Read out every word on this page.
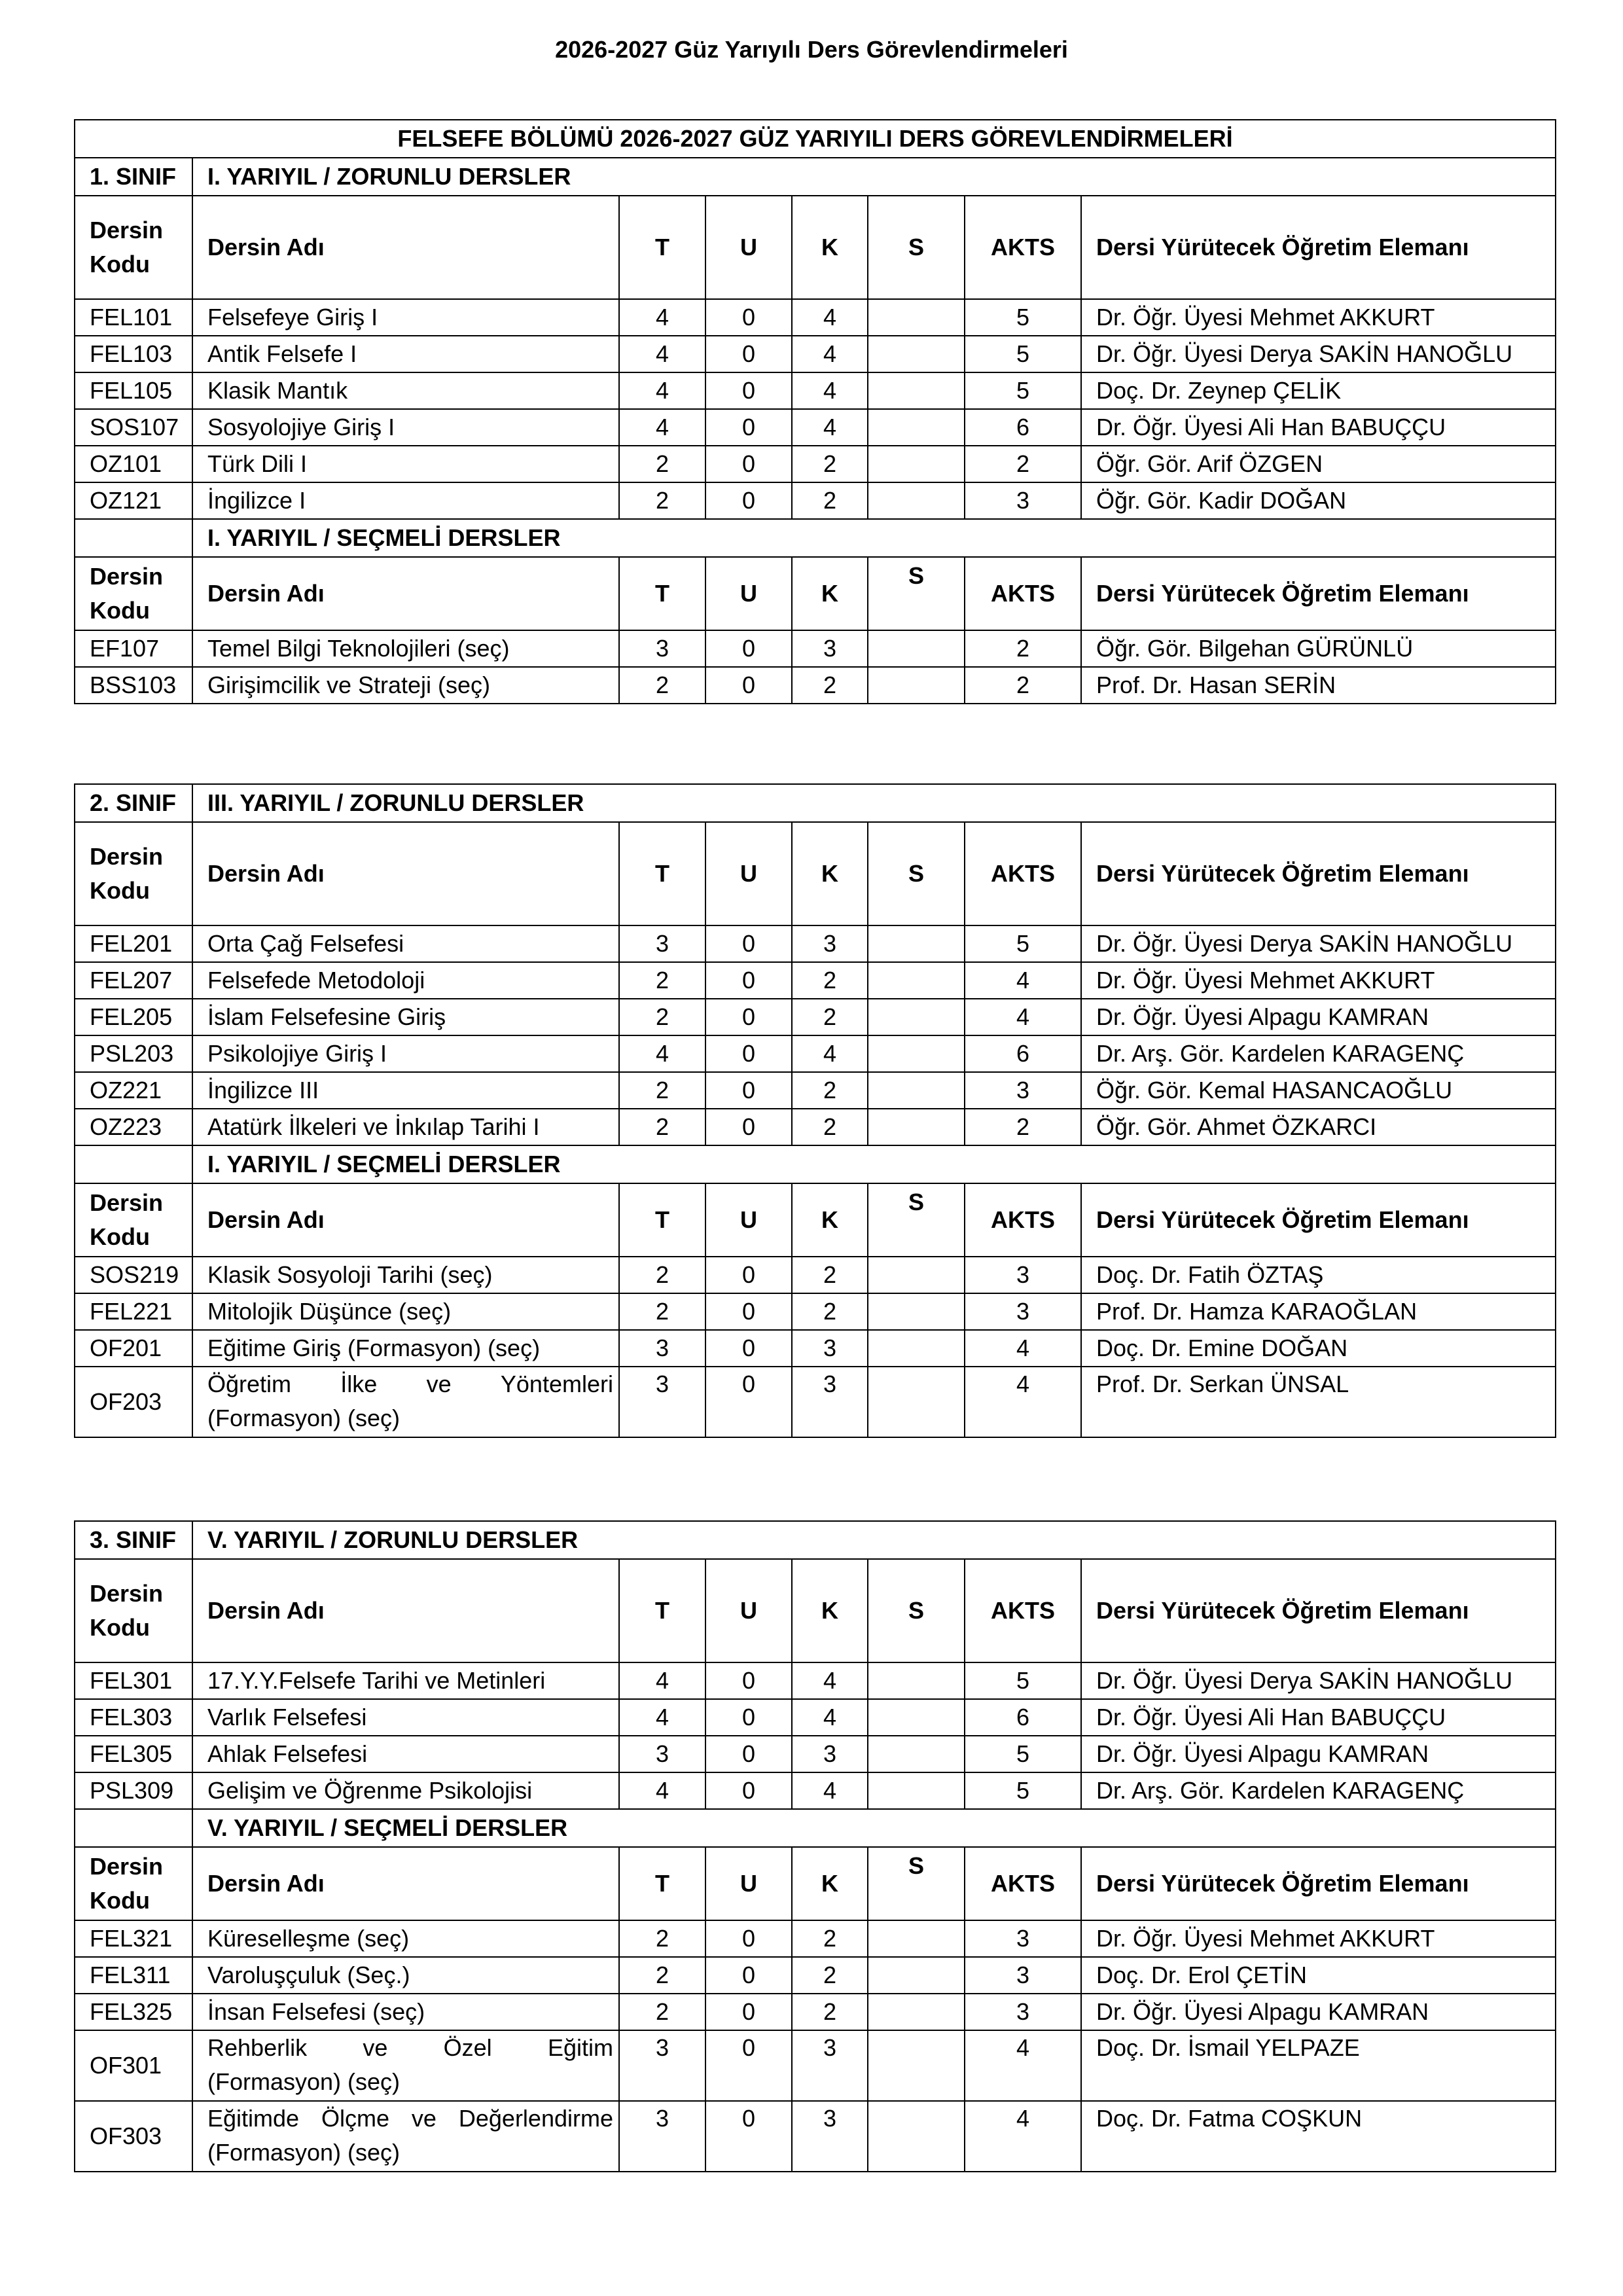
2026-2027 Güz Yarıyılı Ders Görevlendirmeleri
FELSEFE BÖLÜMÜ 2026-2027 GÜZ YARIYILI DERS GÖREVLENDİRMELERİ							
1. SINIF	I. YARIYIL / ZORUNLU DERSLER						

Dersin
Kodu	Dersin Adı	T	U	K	S	AKTS	Dersi Yürütecek Öğretim Elemanı
FEL101	Felsefeye Giriş I	4	0	4		5	Dr. Öğr. Üyesi Mehmet AKKURT
FEL103	Antik Felsefe I	4	0	4		5	Dr. Öğr. Üyesi Derya SAKİN HANOĞLU
FEL105	Klasik Mantık	4	0	4		5	Doç. Dr. Zeynep ÇELİK
SOS107	Sosyolojiye Giriş I	4	0	4		6	Dr. Öğr. Üyesi Ali Han BABUÇÇU
OZ101	Türk Dili I	2	0	2		2	Öğr. Gör. Arif ÖZGEN
OZ121	İngilizce I	2	0	2		3	Öğr. Gör. Kadir DOĞAN
	I. YARIYIL / SEÇMELİ DERSLER						

Dersin
Kodu	Dersin Adı	T	U	K	S	AKTS	Dersi Yürütecek Öğretim Elemanı
EF107	Temel Bilgi Teknolojileri (seç)	3	0	3		2	Öğr. Gör. Bilgehan GÜRÜNLÜ
BSS103	Girişimcilik ve Strateji (seç)	2	0	2		2	Prof. Dr. Hasan SERİN
2. SINIF	III. YARIYIL / ZORUNLU DERSLER						

Dersin
Kodu	Dersin Adı	T	U	K	S	AKTS	Dersi Yürütecek Öğretim Elemanı
FEL201	Orta Çağ Felsefesi	3	0	3		5	Dr. Öğr. Üyesi Derya SAKİN HANOĞLU
FEL207	Felsefede Metodoloji	2	0	2		4	Dr. Öğr. Üyesi Mehmet AKKURT
FEL205	İslam Felsefesine Giriş	2	0	2		4	Dr. Öğr. Üyesi Alpagu KAMRAN
PSL203	Psikolojiye Giriş I	4	0	4		6	Dr. Arş. Gör. Kardelen KARAGENÇ
OZ221	İngilizce III	2	0	2		3	Öğr. Gör. Kemal HASANCAOĞLU
OZ223	Atatürk İlkeleri ve İnkılap Tarihi I	2	0	2		2	Öğr. Gör. Ahmet ÖZKARCI
	I. YARIYIL / SEÇMELİ DERSLER						

Dersin
Kodu	Dersin Adı	T	U	K	S	AKTS	Dersi Yürütecek Öğretim Elemanı
SOS219	Klasik Sosyoloji Tarihi (seç)	2	0	2		3	Doç. Dr. Fatih ÖZTAŞ
FEL221	Mitolojik Düşünce (seç)	2	0	2		3	Prof. Dr. Hamza KARAOĞLAN
OF201	Eğitime Giriş (Formasyon) (seç)	3	0	3		4	Doç. Dr. Emine DOĞAN
OF203	Öğretim İlke ve Yöntemleri
(Formasyon) (seç)	3	0	3		4	Prof. Dr. Serkan ÜNSAL
3. SINIF	V. YARIYIL / ZORUNLU DERSLER						

Dersin
Kodu	Dersin Adı	T	U	K	S	AKTS	Dersi Yürütecek Öğretim Elemanı
FEL301	17.Y.Y.Felsefe Tarihi ve Metinleri	4	0	4		5	Dr. Öğr. Üyesi Derya SAKİN HANOĞLU
FEL303	Varlık Felsefesi	4	0	4		6	Dr. Öğr. Üyesi Ali Han BABUÇÇU
FEL305	Ahlak Felsefesi	3	0	3		5	Dr. Öğr. Üyesi Alpagu KAMRAN
PSL309	Gelişim ve Öğrenme Psikolojisi	4	0	4		5	Dr. Arş. Gör. Kardelen KARAGENÇ
	V. YARIYIL / SEÇMELİ DERSLER						

Dersin
Kodu	Dersin Adı	T	U	K	S	AKTS	Dersi Yürütecek Öğretim Elemanı
FEL321	Küreselleşme (seç)	2	0	2		3	Dr. Öğr. Üyesi Mehmet AKKURT
FEL311	Varoluşçuluk (Seç.)	2	0	2		3	Doç. Dr. Erol ÇETİN
FEL325	İnsan Felsefesi (seç)	2	0	2		3	Dr. Öğr. Üyesi Alpagu KAMRAN
OF301	Rehberlik ve Özel Eğitim
(Formasyon) (seç)	3	0	3		4	Doç. Dr. İsmail YELPAZE
OF303	Eğitimde Ölçme ve Değerlendirme
(Formasyon) (seç)	3	0	3		4	Doç. Dr. Fatma COŞKUN
